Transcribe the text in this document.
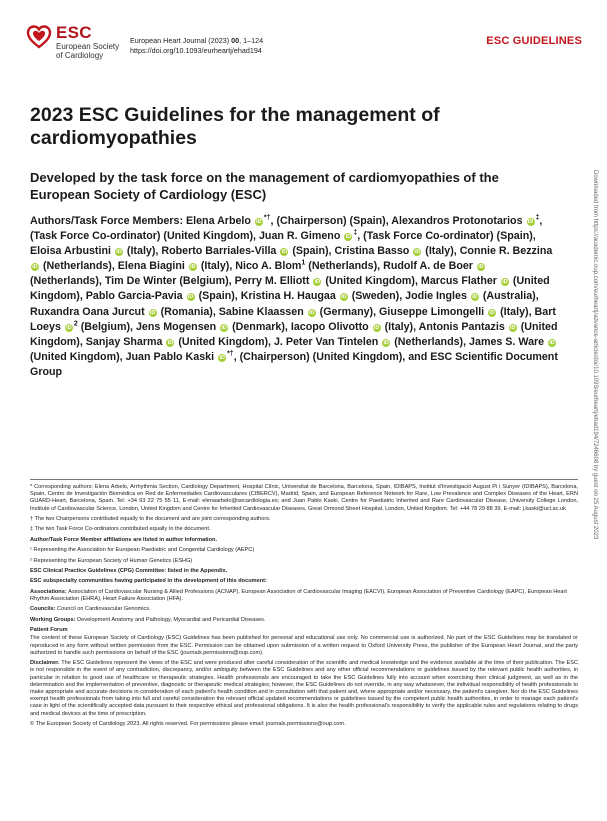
ESC
European Society
of Cardiology
European Heart Journal (2023) 00, 1–124
https://doi.org/10.1093/eurheartj/ehad194
ESC GUIDELINES
2023 ESC Guidelines for the management of cardiomyopathies
Developed by the task force on the management of cardiomyopathies of the European Society of Cardiology (ESC)
Authors/Task Force Members: Elena Arbelo iD*†, (Chairperson) (Spain), Alexandros Protonotarios iD‡, (Task Force Co-ordinator) (United Kingdom), Juan R. Gimeno iD‡, (Task Force Co-ordinator) (Spain), Eloisa Arbustini iD (Italy), Roberto Barriales-Villa iD (Spain), Cristina Basso iD (Italy), Connie R. Bezzina iD (Netherlands), Elena Biagini iD (Italy), Nico A. Blom$^1$ (Netherlands), Rudolf A. de Boer iD (Netherlands), Tim De Winter (Belgium), Perry M. Elliott iD (United Kingdom), Marcus Flather iD (United Kingdom), Pablo Garcia-Pavia iD (Spain), Kristina H. Haugaa iD (Sweden), Jodie Ingles iD (Australia), Ruxandra Oana Jurcut iD (Romania), Sabine Klaassen iD (Germany), Giuseppe Limongelli iD (Italy), Bart Loeys $iD^2$ (Belgium), Jens Mogensen iD (Denmark), Iacopo Olivotto iD (Italy), Antonis Pantazis iD (United Kingdom), Sanjay Sharma iD (United Kingdom), J. Peter Van Tintelen iD (Netherlands), James S. Ware iD (United Kingdom), Juan Pablo Kaski iD*†, (Chairperson) (United Kingdom), and ESC Scientific Document Group

* Corresponding authors: Elena Arbelo, Arrhythmia Section, Cardiology Department, Hospital Clínic, Universitat de Barcelona, Barcelona, Spain, IDIBAPS, Institut d'Investigació August Pi i Sunyer (IDIBAPS), Barcelona, Spain, Centro de Investigación Biomédica en Red de Enfermedades Cardiovasculares (CIBERCV), Madrid, Spain, and European Reference Network for Rare, Low Prevalence and Complex Diseases of the Heart, ERN GUARD-Heart, Barcelona, Spain. Tel: +34 93 22 75 55 11, E-mail: elenaarbelo@secardiologia.es; and Juan Pablo Kaski, Centre for Paediatric Inherited and Rare Cardiovascular Disease, University College London, Institute of Cardiovascular Science, London, United Kingdom and Centre for Inherited Cardiovascular Diseases, Great Ormond Street Hospital, London, United Kingdom. Tel: +44 78 29 88 39, E-mail: j.kaski@ucl.ac.uk

† The two Chairpersons contributed equally to the document and are joint corresponding authors.

‡ The two Task Force Co-ordinators contributed equally to the document.

Author/Task Force Member affiliations are listed in author information.

¹ Representing the Association for European Paediatric and Congenital Cardiology (AEPC)

² Representing the European Society of Human Genetics (ESHG)

ESC Clinical Practice Guidelines (CPG) Committee: listed in the Appendix.

ESC subspecialty communities having participated in the development of this document:

Associations: Association of Cardiovascular Nursing & Allied Professions (ACNAP), European Association of Cardiovascular Imaging (EACVI), European Association of Preventive Cardiology (EAPC), European Heart Rhythm Association (EHRA), Heart Failure Association (HFA).

Councils: Council on Cardiovascular Genomics.

Working Groups: Development Anatomy and Pathology, Myocardial and Pericardial Diseases.

Patient Forum

The content of these European Society of Cardiology (ESC) Guidelines has been published for personal and educational use only. No commercial use is authorized. No part of the ESC Guidelines may be translated or reproduced in any form without written permission from the ESC. Permission can be obtained upon submission of a written request to Oxford University Press, the publisher of the European Heart Journal, and the party authorized to handle such permissions on behalf of the ESC (journals.permissions@oup.com).

Disclaimer. The ESC Guidelines represent the views of the ESC and were produced after careful consideration of the scientific and medical knowledge and the evidence available at the time of their publication. The ESC is not responsible in the event of any contradiction, discrepancy, and/or ambiguity between the ESC Guidelines and any other official recommendations or guidelines issued by the relevant public health authorities, in particular in relation to good use of healthcare or therapeutic strategies. Health professionals are encouraged to take the ESC Guidelines fully into account when exercising their clinical judgment, as well as in the determination and the implementation of preventive, diagnostic or therapeutic medical strategies; however, the ESC Guidelines do not override, in any way whatsoever, the individual responsibility of health professionals to make appropriate and accurate decisions in consideration of each patient's health condition and in consultation with that patient and, where appropriate and/or necessary, the patient's caregiver. Nor do the ESC Guidelines exempt health professionals from taking into full and careful consideration the relevant official updated recommendations or guidelines issued by the competent public health authorities, in order to manage each patient's case in light of the scientifically accepted data pursuant to their respective ethical and professional obligations. It is also the health professional's responsibility to verify the applicable rules and regulations relating to drugs and medical devices at the time of prescription.

© The European Society of Cardiology 2023. All rights reserved. For permissions please email: journals.permissions@oup.com.

Downloaded from https://academic.oup.com/eurheartj/advance-article/doi/10.1093/eurheartj/ehad194/7246608 by guest on 25 August 2023
